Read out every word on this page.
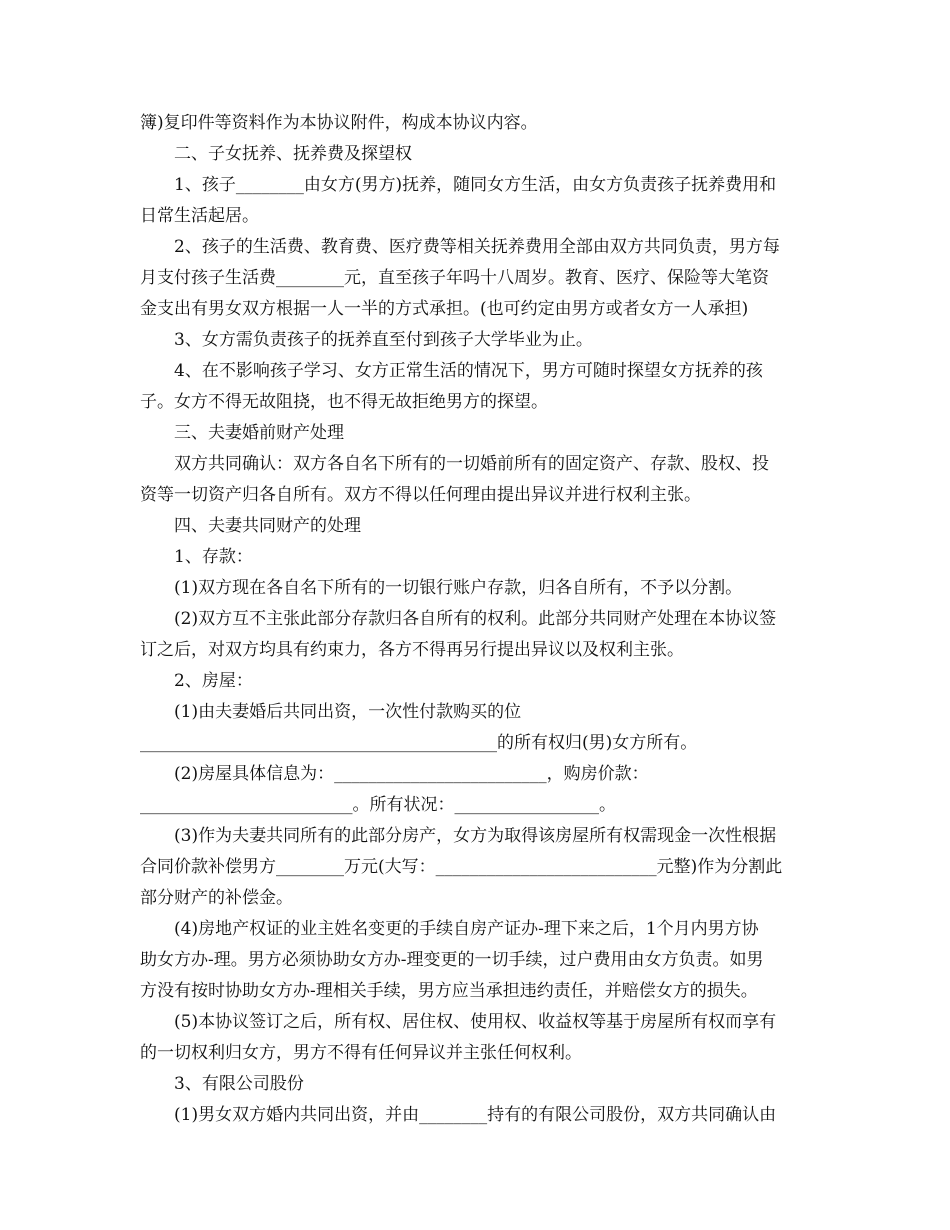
簿)复印件等资料作为本协议附件，构成本协议内容。
二、子女抚养、抚养费及探望权
1、孩子________由女方(男方)抚养，随同女方生活，由女方负责孩子抚养费用和
日常生活起居。
2、孩子的生活费、教育费、医疗费等相关抚养费用全部由双方共同负责，男方每
月支付孩子生活费________元，直至孩子年吗十八周岁。教育、医疗、保险等大笔资
金支出有男女双方根据一人一半的方式承担。(也可约定由男方或者女方一人承担)
3、女方需负责孩子的抚养直至付到孩子大学毕业为止。
4、在不影响孩子学习、女方正常生活的情况下，男方可随时探望女方抚养的孩
子。女方不得无故阻挠，也不得无故拒绝男方的探望。
三、夫妻婚前财产处理
双方共同确认：双方各自名下所有的一切婚前所有的固定资产、存款、股权、投
资等一切资产归各自所有。双方不得以任何理由提出异议并进行权利主张。
四、夫妻共同财产的处理
1、存款：
(1)双方现在各自名下所有的一切银行账户存款，归各自所有，不予以分割。
(2)双方互不主张此部分存款归各自所有的权利。此部分共同财产处理在本协议签
订之后，对双方均具有约束力，各方不得再另行提出异议以及权利主张。
2、房屋：
(1)由夫妻婚后共同出资，一次性付款购买的位
__________________________________________的所有权归(男)女方所有。
(2)房屋具体信息为：_________________________，购房价款：
_________________________。所有状况：_________________。
(3)作为夫妻共同所有的此部分房产，女方为取得该房屋所有权需现金一次性根据
合同价款补偿男方________万元(大写：__________________________元整)作为分割此
部分财产的补偿金。
(4)房地产权证的业主姓名变更的手续自房产证办-理下来之后，1个月内男方协
助女方办-理。男方必须协助女方办-理变更的一切手续，过户费用由女方负责。如男
方没有按时协助女方办-理相关手续，男方应当承担违约责任，并赔偿女方的损失。
(5)本协议签订之后，所有权、居住权、使用权、收益权等基于房屋所有权而享有
的一切权利归女方，男方不得有任何异议并主张任何权利。
3、有限公司股份
(1)男女双方婚内共同出资，并由________持有的有限公司股份，双方共同确认由
